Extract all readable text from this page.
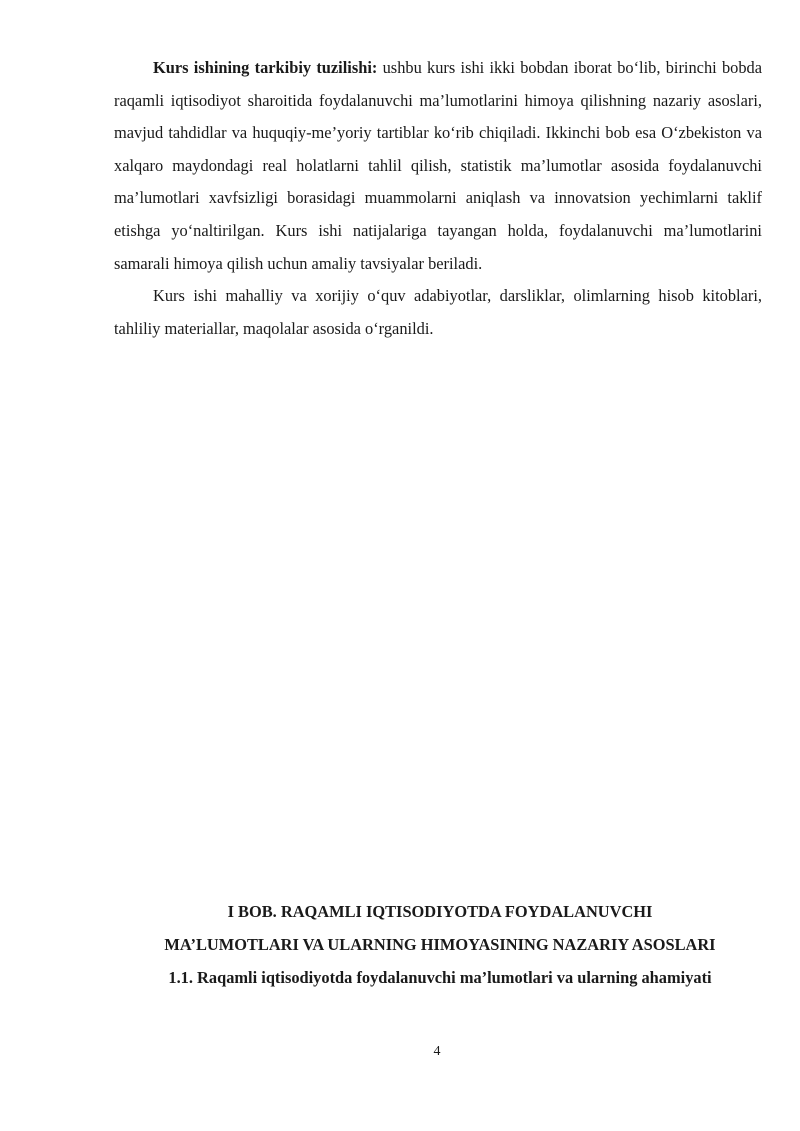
Kurs ishining tarkibiy tuzilishi: ushbu kurs ishi ikki bobdan iborat bo‘lib, birinchi bobda raqamli iqtisodiyot sharoitida foydalanuvchi ma’lumotlarini himoya qilishning nazariy asoslari, mavjud tahdidlar va huquqiy-me’yoriy tartiblar ko‘rib chiqiladi. Ikkinchi bob esa O‘zbekiston va xalqaro maydondagi real holatlarni tahlil qilish, statistik ma’lumotlar asosida foydalanuvchi ma’lumotlari xavfsizligi borasidagi muammolarni aniqlash va innovatsion yechimlarni taklif etishga yo‘naltirilgan. Kurs ishi natijalariga tayangan holda, foydalanuvchi ma’lumotlarini samarali himoya qilish uchun amaliy tavsiyalar beriladi.

Kurs ishi mahalliy va xorijiy o‘quv adabiyotlar, darsliklar, olimlarning hisob kitoblari, tahliliy materiallar, maqolalar asosida o‘rganildi.

I BOB. RAQAMLI IQTISODIYOTDA FOYDALANUVCHI
MA’LUMOTLARI VA ULARNING HIMOYASINING NAZARIY ASOSLARI
1.1. Raqamli iqtisodiyotda foydalanuvchi ma’lumotlari va ularning ahamiyati
4
